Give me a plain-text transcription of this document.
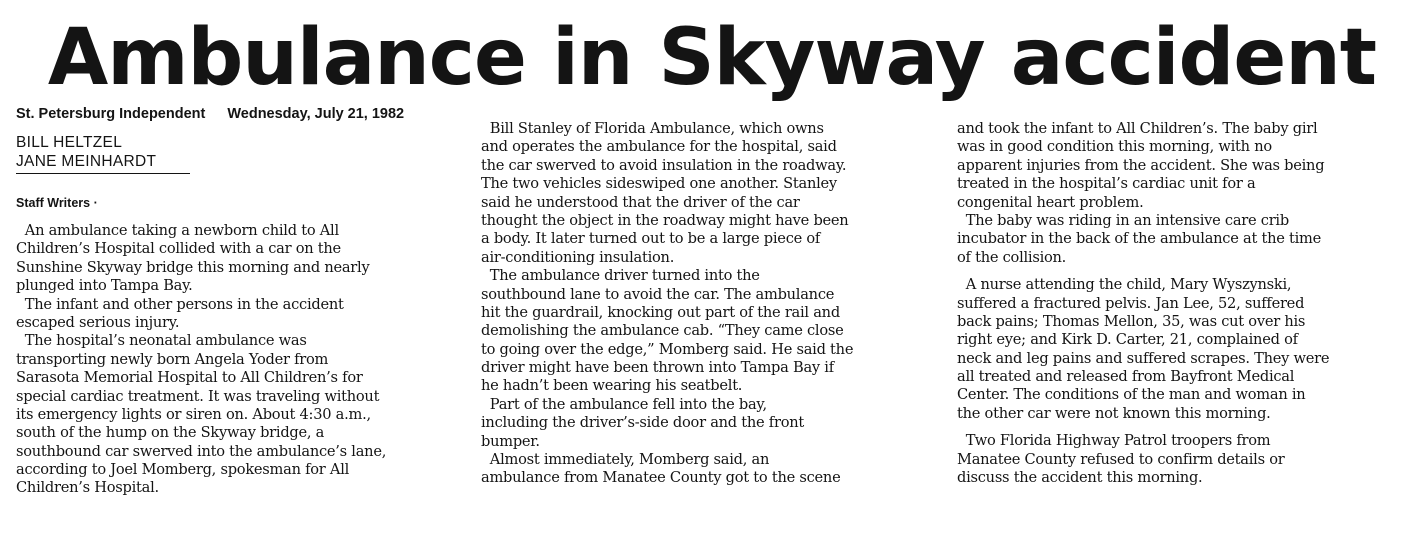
Ambulance in Skyway accident
St. Petersburg Independent Wednesday, July 21, 1982
BILL HELTZEL
JANE MEINHARDT
Staff Writers ·
An ambulance taking a newborn child to All
Children’s Hospital collided with a car on the
Sunshine Skyway bridge this morning and nearly
plunged into Tampa Bay.
The infant and other persons in the accident
escaped serious injury.
The hospital’s neonatal ambulance was
transporting newly born Angela Yoder from
Sarasota Memorial Hospital to All Children’s for
special cardiac treatment. It was traveling without
its emergency lights or siren on. About 4:30 a.m.,
south of the hump on the Skyway bridge, a
southbound car swerved into the ambulance’s lane,
according to Joel Momberg, spokesman for All
Children’s Hospital.
Bill Stanley of Florida Ambulance, which owns
and operates the ambulance for the hospital, said
the car swerved to avoid insulation in the roadway.
The two vehicles sideswiped one another. Stanley
said he understood that the driver of the car
thought the object in the roadway might have been
a body. It later turned out to be a large piece of
air-conditioning insulation.
The ambulance driver turned into the
southbound lane to avoid the car. The ambulance
hit the guardrail, knocking out part of the rail and
demolishing the ambulance cab. “They came close
to going over the edge,” Momberg said. He said the
driver might have been thrown into Tampa Bay if
he hadn’t been wearing his seatbelt.
Part of the ambulance fell into the bay,
including the driver’s-side door and the front
bumper.
Almost immediately, Momberg said, an
ambulance from Manatee County got to the scene
and took the infant to All Children’s. The baby girl
was in good condition this morning, with no
apparent injuries from the accident. She was being
treated in the hospital’s cardiac unit for a
congenital heart problem.
The baby was riding in an intensive care crib
incubator in the back of the ambulance at the time
of the collision.
A nurse attending the child, Mary Wyszynski,
suffered a fractured pelvis. Jan Lee, 52, suffered
back pains; Thomas Mellon, 35, was cut over his
right eye; and Kirk D. Carter, 21, complained of
neck and leg pains and suffered scrapes. They were
all treated and released from Bayfront Medical
Center. The conditions of the man and woman in
the other car were not known this morning.
Two Florida Highway Patrol troopers from
Manatee County refused to confirm details or
discuss the accident this morning.
